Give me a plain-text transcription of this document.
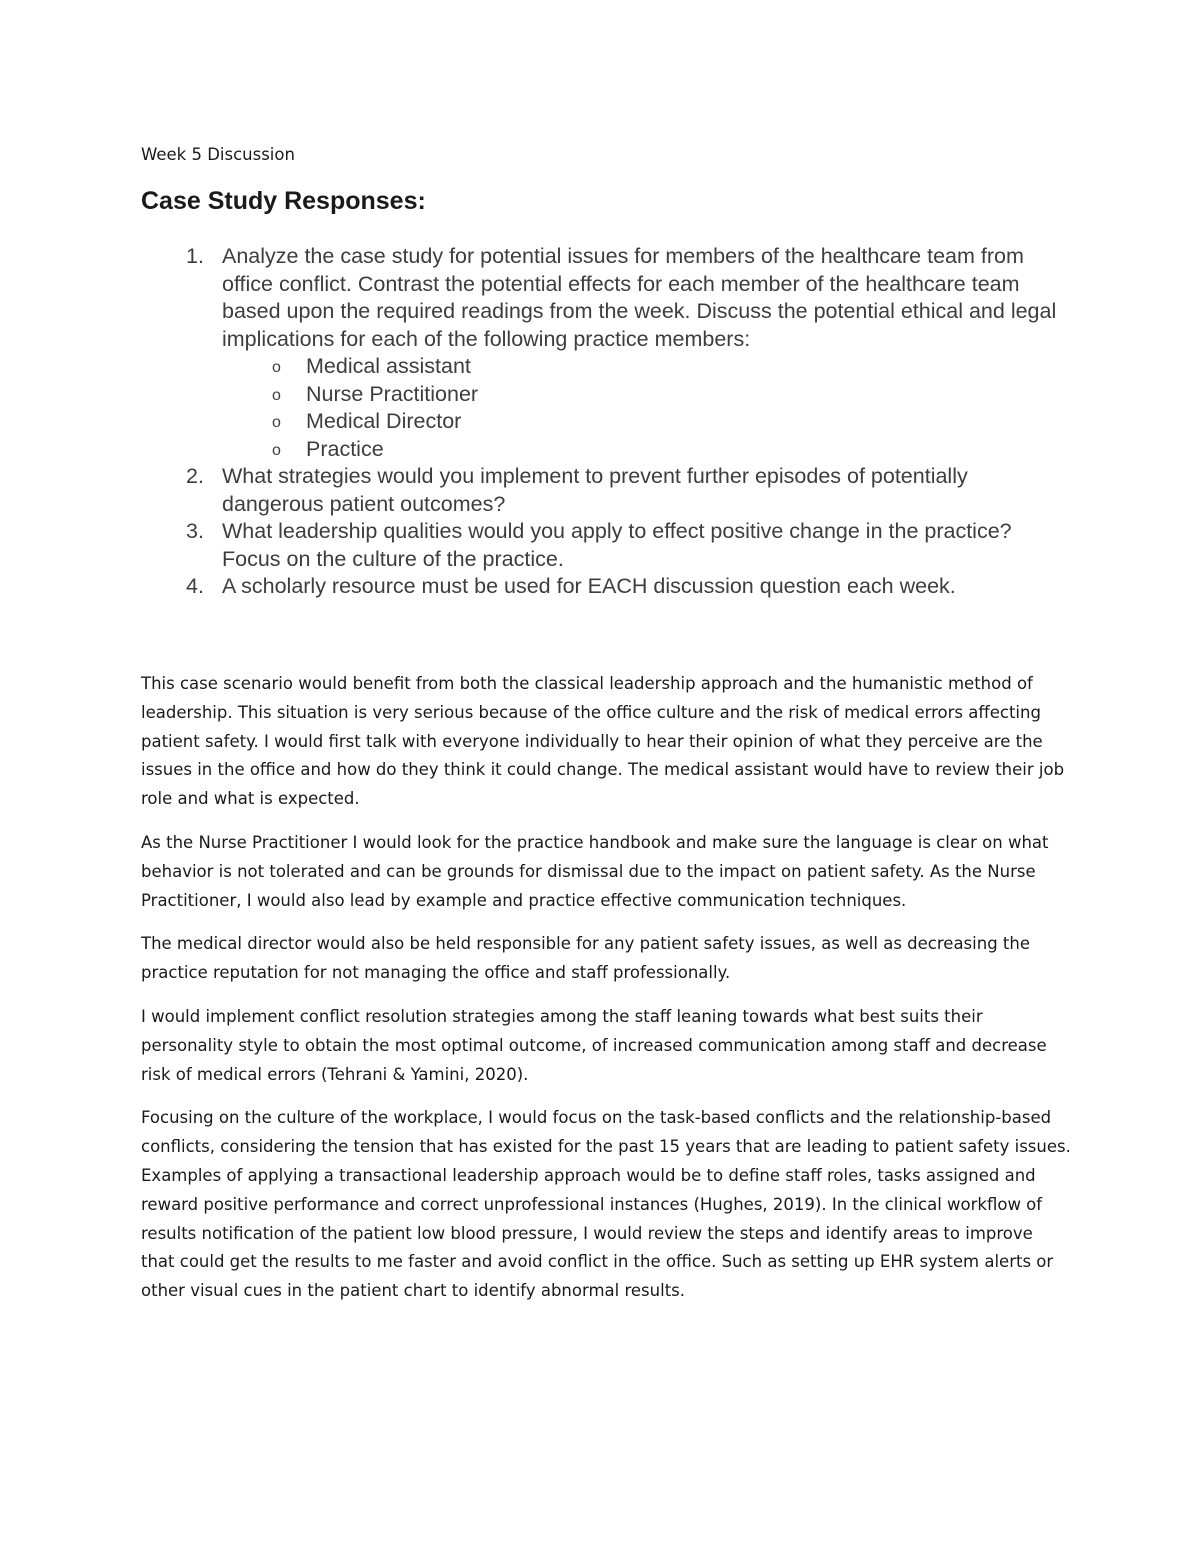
Week 5 Discussion
Case Study Responses:
1. Analyze the case study for potential issues for members of the healthcare team from office conflict. Contrast the potential effects for each member of the healthcare team based upon the required readings from the week. Discuss the potential ethical and legal implications for each of the following practice members:
o Medical assistant
o Nurse Practitioner
o Medical Director
o Practice
2. What strategies would you implement to prevent further episodes of potentially dangerous patient outcomes?
3. What leadership qualities would you apply to effect positive change in the practice? Focus on the culture of the practice.
4. A scholarly resource must be used for EACH discussion question each week.

This case scenario would benefit from both the classical leadership approach and the humanistic method of leadership. This situation is very serious because of the office culture and the risk of medical errors affecting patient safety. I would first talk with everyone individually to hear their opinion of what they perceive are the issues in the office and how do they think it could change. The medical assistant would have to review their job role and what is expected.

As the Nurse Practitioner I would look for the practice handbook and make sure the language is clear on what behavior is not tolerated and can be grounds for dismissal due to the impact on patient safety. As the Nurse Practitioner, I would also lead by example and practice effective communication techniques.

The medical director would also be held responsible for any patient safety issues, as well as decreasing the practice reputation for not managing the office and staff professionally.

I would implement conflict resolution strategies among the staff leaning towards what best suits their personality style to obtain the most optimal outcome, of increased communication among staff and decrease risk of medical errors (Tehrani & Yamini, 2020).

Focusing on the culture of the workplace, I would focus on the task-based conflicts and the relationship-based conflicts, considering the tension that has existed for the past 15 years that are leading to patient safety issues. Examples of applying a transactional leadership approach would be to define staff roles, tasks assigned and reward positive performance and correct unprofessional instances (Hughes, 2019). In the clinical workflow of results notification of the patient low blood pressure, I would review the steps and identify areas to improve that could get the results to me faster and avoid conflict in the office. Such as setting up EHR system alerts or other visual cues in the patient chart to identify abnormal results.
